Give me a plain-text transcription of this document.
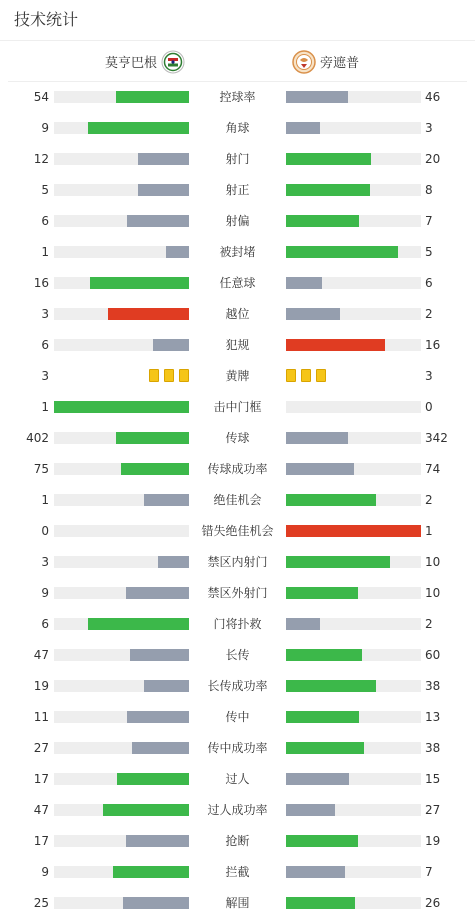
技术统计
莫亨巴根	旁遮普
54	控球率	46
9	角球	3
12	射门	20
5	射正	8
6	射偏	7
1	被封堵	5
16	任意球	6
3	越位	2
6	犯规	16
3	黄牌	3
1	击中门框	0
402	传球	342
75	传球成功率	74
1	绝佳机会	2
0	错失绝佳机会	1
3	禁区内射门	10
9	禁区外射门	10
6	门将扑救	2
47	长传	60
19	长传成功率	38
11	传中	13
27	传中成功率	38
17	过人	15
47	过人成功率	27
17	抢断	19
9	拦截	7
25	解围	26
